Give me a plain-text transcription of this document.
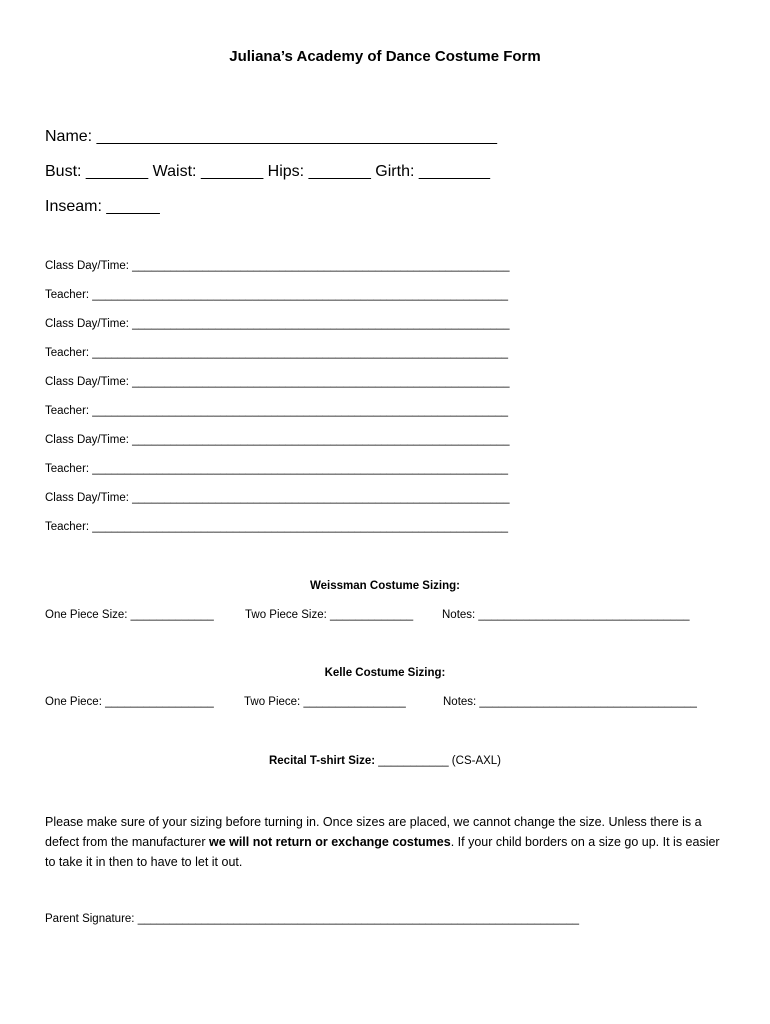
Juliana’s Academy of Dance Costume Form
Name: _____________________________________________
Bust: _______ Waist: _______ Hips: _______ Girth: ________
Inseam: ______
Class Day/Time: ___________________________________________________________
Teacher: _________________________________________________________________
Class Day/Time: ___________________________________________________________
Teacher: _________________________________________________________________
Class Day/Time: ___________________________________________________________
Teacher: _________________________________________________________________
Class Day/Time: ___________________________________________________________
Teacher: _________________________________________________________________
Class Day/Time: ___________________________________________________________
Teacher: _________________________________________________________________
Weissman Costume Sizing:
One Piece Size: _____________	Two Piece Size: _____________	Notes: _________________________________
Kelle Costume Sizing:
One Piece: _________________	Two Piece: ________________	Notes: __________________________________
Recital T-shirt Size: ___________ (CS-AXL)
Please make sure of your sizing before turning in. Once sizes are placed, we cannot change the size. Unless there is a defect from the manufacturer we will not return or exchange costumes. If your child borders on a size go up. It is easier to take it in then to have to let it out.
Parent Signature: _____________________________________________________________________
